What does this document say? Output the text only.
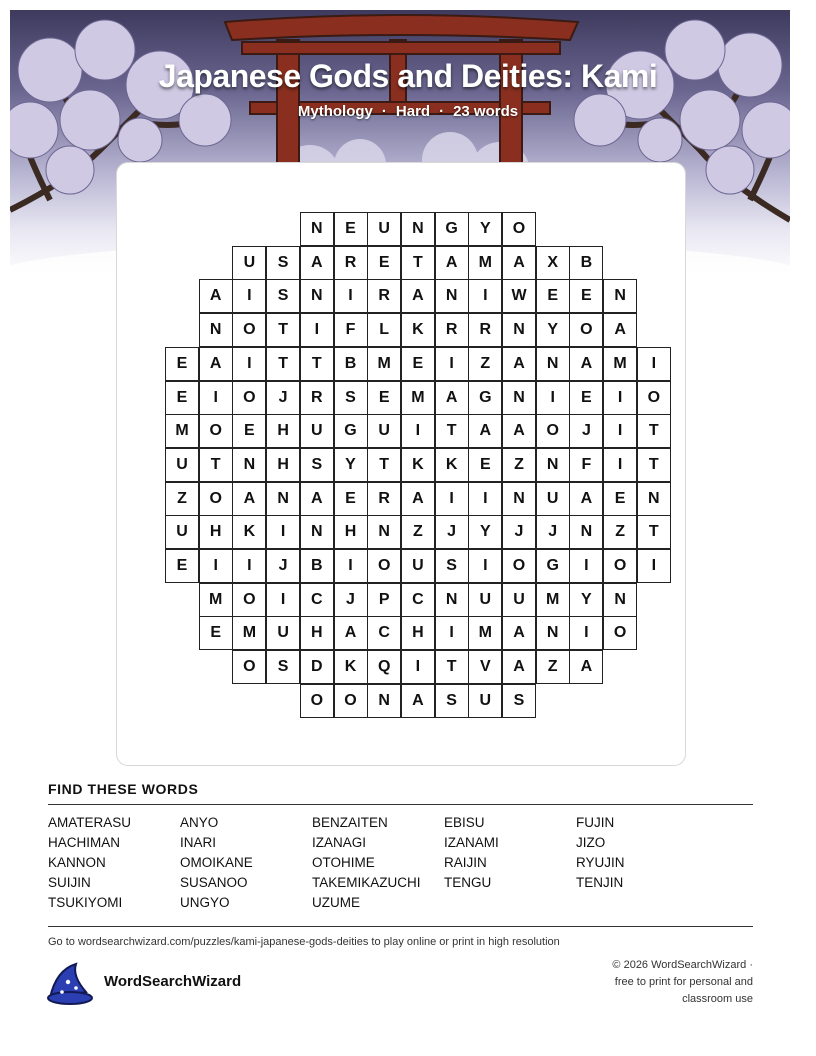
Japanese Gods and Deities: Kami
Mythology · Hard · 23 words
N	E	U	N	G	Y	O
U	S	A	R	E	T	A	M	A	X	B
A	I	S	N	I	R	A	N	I	W	E	E	N
N	O	T	I	F	L	K	R	R	N	Y	O	A
E	A	I	T	T	B	M	E	I	Z	A	N	A	M	I
E	I	O	J	R	S	E	M	A	G	N	I	E	I	O
M	O	E	H	U	G	U	I	T	A	A	O	J	I	T
U	T	N	H	S	Y	T	K	K	E	Z	N	F	I	T
Z	O	A	N	A	E	R	A	I	I	N	U	A	E	N
U	H	K	I	N	H	N	Z	J	Y	J	J	N	Z	T
E	I	I	J	B	I	O	U	S	I	O	G	I	O	I
M	O	I	C	J	P	C	N	U	U	M	Y	N
E	M	U	H	A	C	H	I	M	A	N	I	O
O	S	D	K	Q	I	T	V	A	Z	A
O	O	N	A	S	U	S
FIND THESE WORDS
AMATERASU	ANYO	BENZAITEN	EBISU	FUJIN
HACHIMAN	INARI	IZANAGI	IZANAMI	JIZO
KANNON	OMOIKANE	OTOHIME	RAIJIN	RYUJIN
SUIJIN	SUSANOO	TAKEMIKAZUCHI	TENGU	TENJIN
TSUKIYOMI	UNGYO	UZUME
Go to wordsearchwizard.com/puzzles/kami-japanese-gods-deities to play online or print in high resolution
WordSearchWizard
© 2026 WordSearchWizard ·
free to print for personal and
classroom use
